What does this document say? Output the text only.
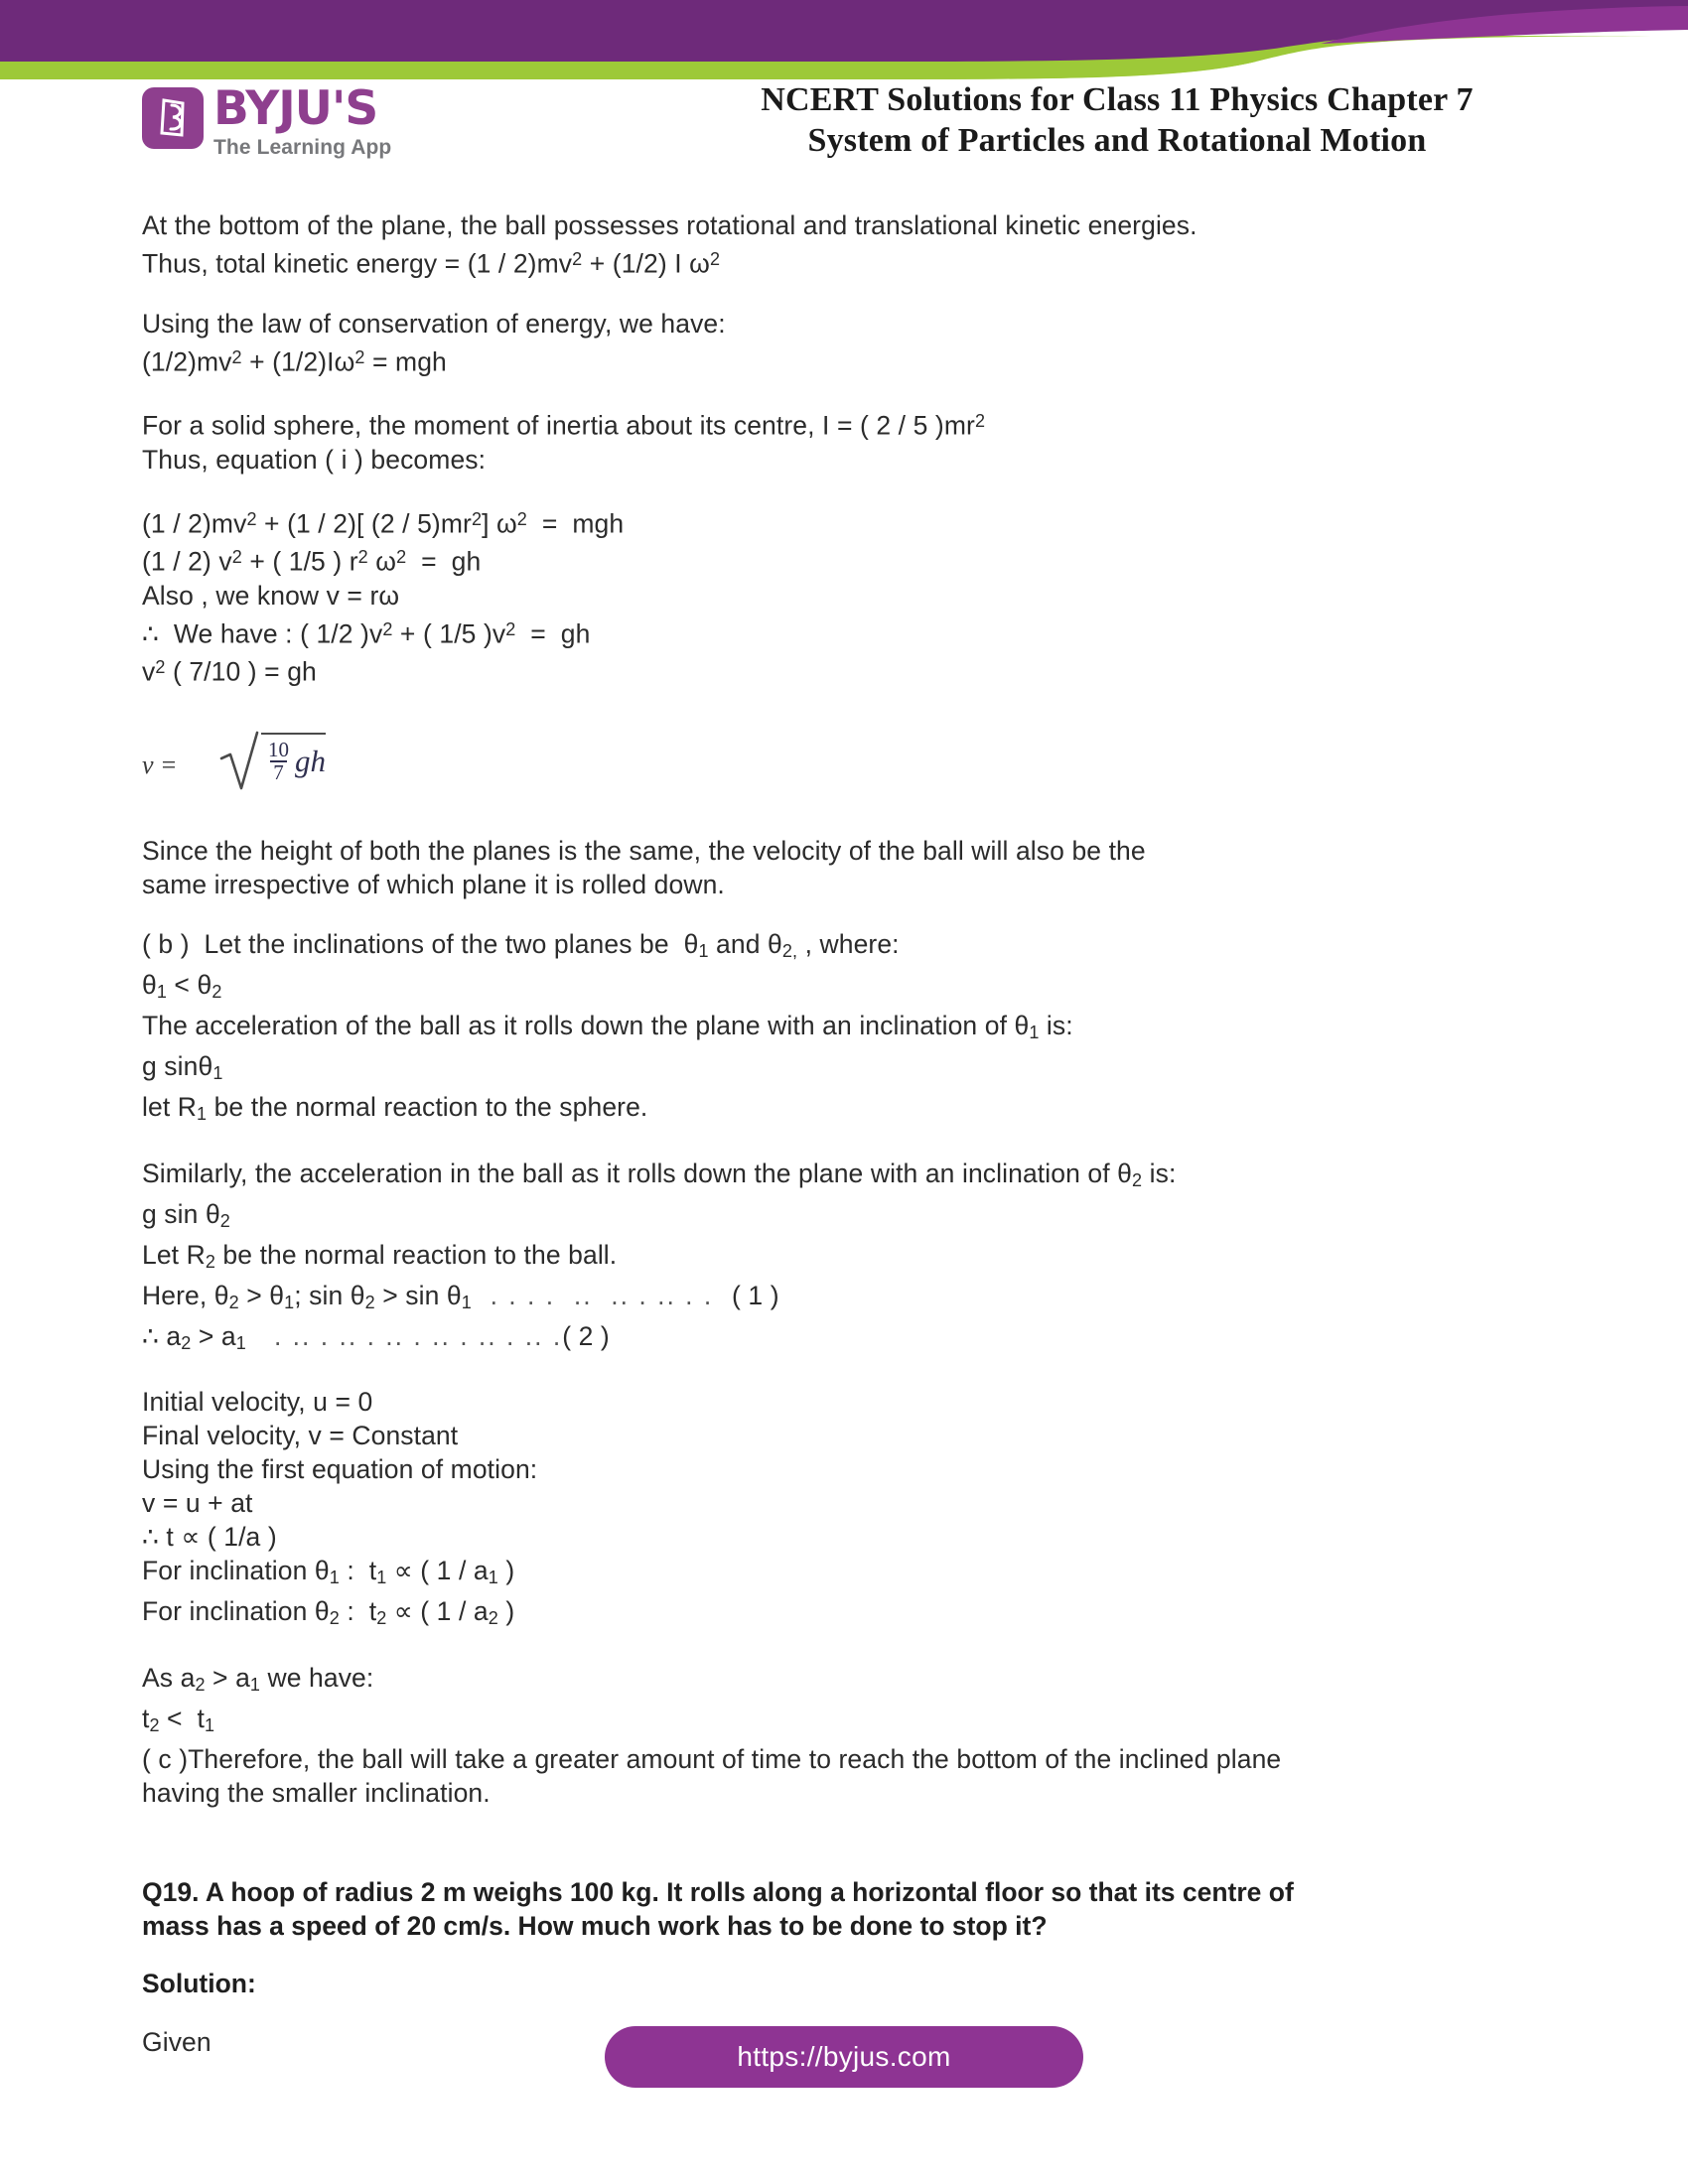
BYJU'S
The Learning App
NCERT Solutions for Class 11 Physics Chapter 7
System of Particles and Rotational Motion

At the bottom of the plane, the ball possesses rotational and translational kinetic energies.
Thus, total kinetic energy = $(1 / 2)mv^2 + (1/2)$ I $\omega^2$

Using the law of conservation of energy, we have:
$(1/2)mv^2 + (1/2)I\omega^2$ = mgh

For a solid sphere, the moment of inertia about its centre, I = ( 2 / 5 )$mr^2$
Thus, equation ( i ) becomes:

$(1 / 2)mv^2 + (1 / 2)$[ $(2 / 5)mr^2$] $\omega^2$  =  mgh
(1 / 2) $v^2$ + ( 1/5 ) $r^2$ $\omega^2$  =  gh
Also , we know v = rω
∴  We have : ( 1/2 )$v^2$ + ( 1/5 )$v^2$  =  gh
$v^2$ ( 7/10 ) = gh

v =	$\frac{10}{7}$ gh

Since the height of both the planes is the same, the velocity of the ball will also be the
same irrespective of which plane it is rolled down.

( b )  Let the inclinations of the two planes be  $\theta_1$ and $\theta_{2,}$ , where:
$\theta_1 < \theta_2$
The acceleration of the ball as it rolls down the plane with an inclination of $\theta_1$ is:
g sinθ$_1$
let $R_1$ be the normal reaction to the sphere.

Similarly, the acceleration in the ball as it rolls down the plane with an inclination of $\theta_2$ is:
g $\sin \theta_2$
Let $R_2$ be the normal reaction to the ball.
Here, $\theta_2 > \theta_1$; $\sin \theta_2 > \sin \theta_1$  . . . .  ..  .. . .. . .  ( 1 )
∴ $a_2 > a_1$   . .. . .. . .. . .. . .. . .. .( 2 )

Initial velocity, u = 0
Final velocity, v = Constant
Using the first equation of motion:
v = u + at
∴ t ∝ ( 1/a )
For inclination $\theta_1$ :  $t_1$ ∝ ( $1 / a_1$ )
For inclination $\theta_2$ :  $t_2$ ∝ ( $1 / a_2$ )

As $a_2 > a_1$ we have:
$t_2 < t_1$
( c )Therefore, the ball will take a greater amount of time to reach the bottom of the inclined plane
having the smaller inclination.

Q19. A hoop of radius 2 m weighs 100 kg. It rolls along a horizontal floor so that its centre of
mass has a speed of 20 cm/s. How much work has to be done to stop it?

Solution:

Given	https://byjus.com
